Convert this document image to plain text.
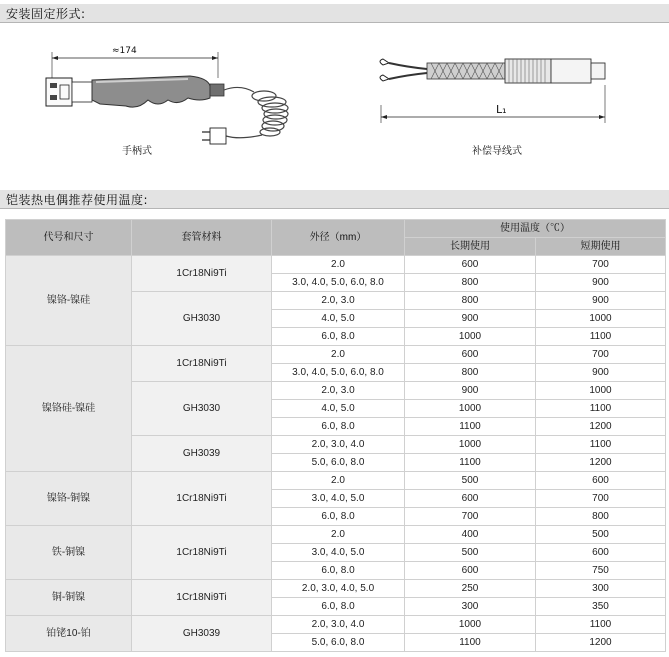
安装固定形式:
≈174
手柄式
L₁
补偿导线式
铠装热电偶推荐使用温度:
代号和尺寸	套管材料	外径（mm）	使用温度（℃）	
			长期使用	短期使用
镍铬-镍硅	1Cr18Ni9Ti	2.0	600	700
		3.0, 4.0, 5.0, 6.0, 8.0	800	900
	GH3030	2.0, 3.0	800	900
		4.0, 5.0	900	1000
		6.0, 8.0	1000	1100
镍铬硅-镍硅	1Cr18Ni9Ti	2.0	600	700
		3.0, 4.0, 5.0, 6.0, 8.0	800	900
	GH3030	2.0, 3.0	900	1000
		4.0, 5.0	1000	1100
		6.0, 8.0	1100	1200
	GH3039	2.0, 3.0, 4.0	1000	1100
		5.0, 6.0, 8.0	1100	1200
镍铬-铜镍	1Cr18Ni9Ti	2.0	500	600
		3.0, 4.0, 5.0	600	700
		6.0, 8.0	700	800
铁-铜镍	1Cr18Ni9Ti	2.0	400	500
		3.0, 4.0, 5.0	500	600
		6.0, 8.0	600	750
铜-铜镍	1Cr18Ni9Ti	2.0, 3.0, 4.0, 5.0	250	300
		6.0, 8.0	300	350
铂铑10-铂	GH3039	2.0, 3.0, 4.0	1000	1100
		5.0, 6.0, 8.0	1100	1200
